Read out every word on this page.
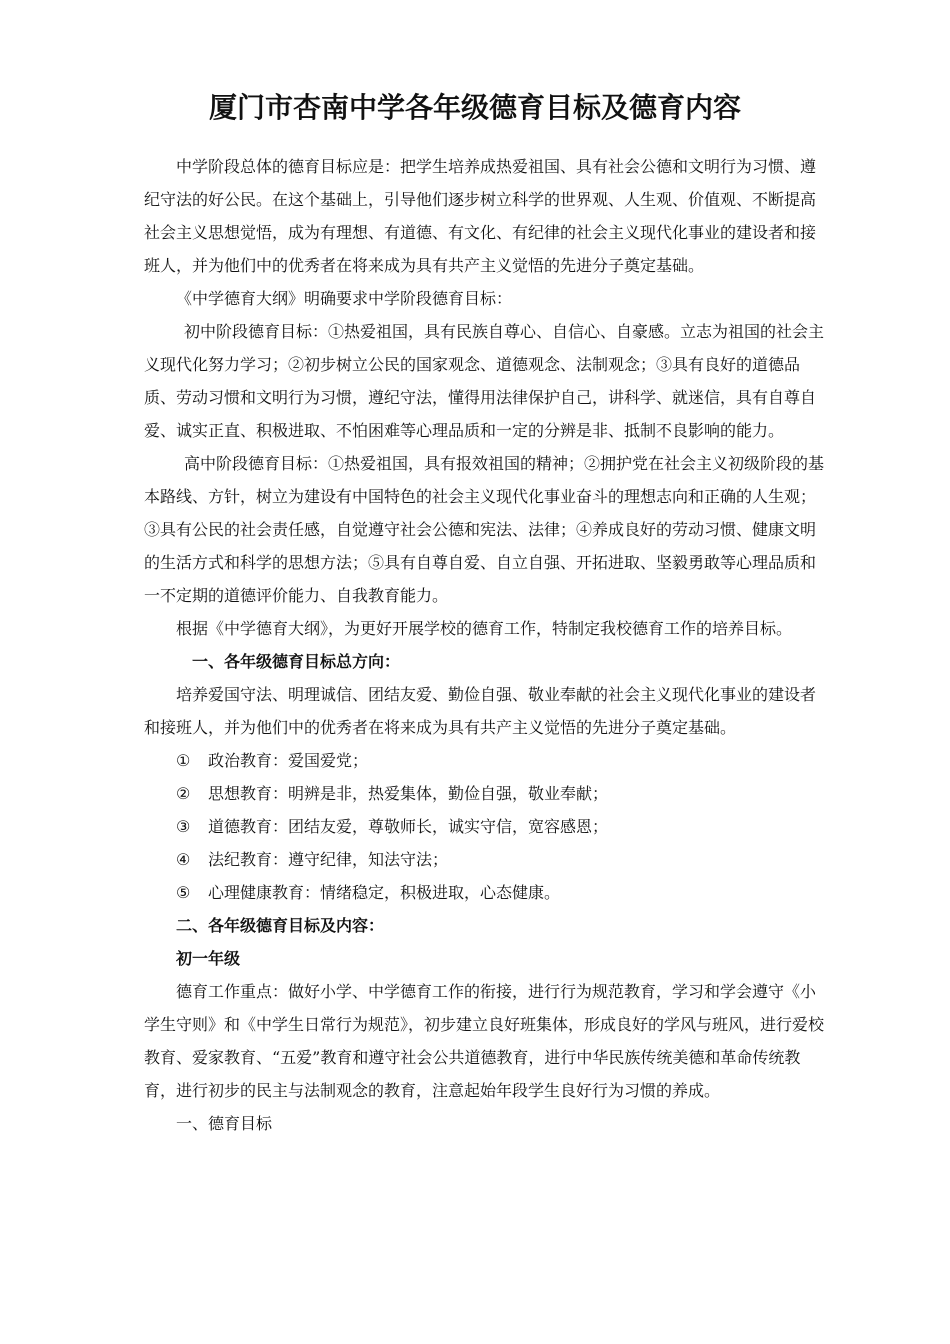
厦门市杏南中学各年级德育目标及德育内容

中学阶段总体的德育目标应是：把学生培养成热爱祖国、具有社会公德和文明行为习惯、遵纪守法的好公民。在这个基础上，引导他们逐步树立科学的世界观、人生观、价值观、不断提高社会主义思想觉悟，成为有理想、有道德、有文化、有纪律的社会主义现代化事业的建设者和接班人，并为他们中的优秀者在将来成为具有共产主义觉悟的先进分子奠定基础。

《中学德育大纲》明确要求中学阶段德育目标：

初中阶段德育目标：①热爱祖国，具有民族自尊心、自信心、自豪感。立志为祖国的社会主义现代化努力学习；②初步树立公民的国家观念、道德观念、法制观念；③具有良好的道德品质、劳动习惯和文明行为习惯，遵纪守法，懂得用法律保护自己，讲科学、就迷信，具有自尊自爱、诚实正直、积极进取、不怕困难等心理品质和一定的分辨是非、抵制不良影响的能力。

高中阶段德育目标：①热爱祖国，具有报效祖国的精神；②拥护党在社会主义初级阶段的基本路线、方针，树立为建设有中国特色的社会主义现代化事业奋斗的理想志向和正确的人生观；③具有公民的社会责任感，自觉遵守社会公德和宪法、法律；④养成良好的劳动习惯、健康文明的生活方式和科学的思想方法；⑤具有自尊自爱、自立自强、开拓进取、坚毅勇敢等心理品质和一不定期的道德评价能力、自我教育能力。

根据《中学德育大纲》，为更好开展学校的德育工作，特制定我校德育工作的培养目标。

一、各年级德育目标总方向：

培养爱国守法、明理诚信、团结友爱、勤俭自强、敬业奉献的社会主义现代化事业的建设者和接班人，并为他们中的优秀者在将来成为具有共产主义觉悟的先进分子奠定基础。

① 政治教育：爱国爱党；

② 思想教育：明辨是非，热爱集体，勤俭自强，敬业奉献；

③ 道德教育：团结友爱，尊敬师长，诚实守信，宽容感恩；

④ 法纪教育：遵守纪律，知法守法；

⑤ 心理健康教育：情绪稳定，积极进取，心态健康。

二、各年级德育目标及内容：

初一年级

德育工作重点：做好小学、中学德育工作的衔接，进行行为规范教育，学习和学会遵守《小学生守则》和《中学生日常行为规范》，初步建立良好班集体，形成良好的学风与班风，进行爱校教育、爱家教育、“五爱”教育和遵守社会公共道德教育，进行中华民族传统美德和革命传统教育，进行初步的民主与法制观念的教育，注意起始年段学生良好行为习惯的养成。

一、德育目标
